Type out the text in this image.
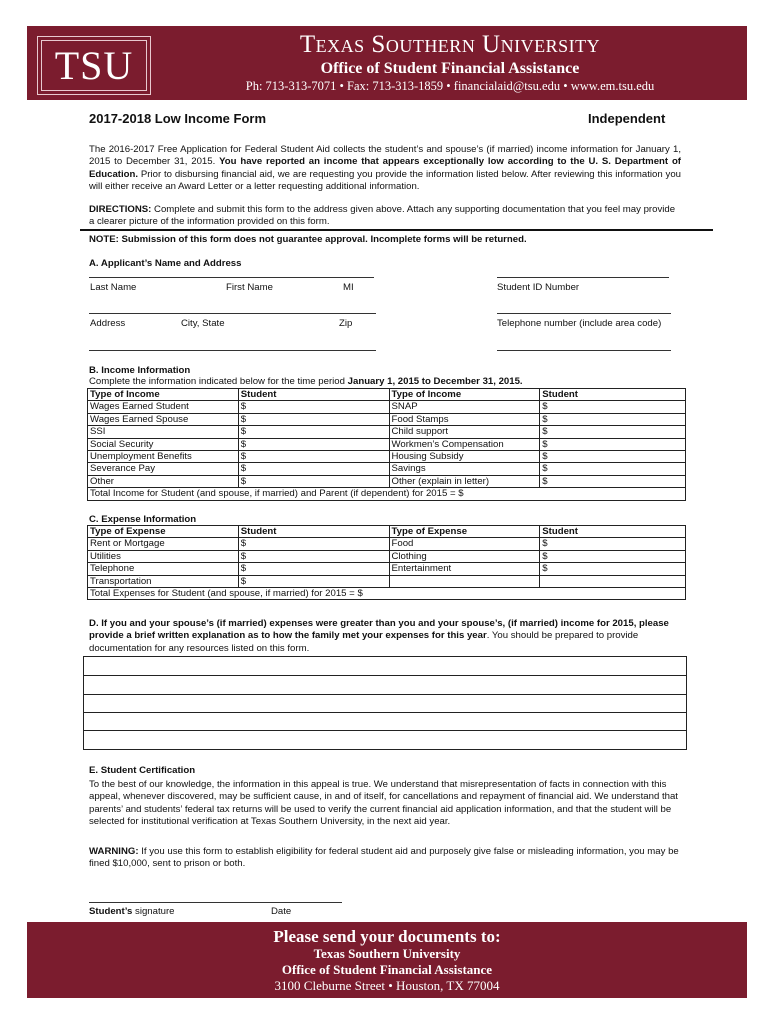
TSU	Texas Southern University
Office of Student Financial Assistance
Ph: 713-313-7071 • Fax: 713-313-1859 • financialaid@tsu.edu • www.em.tsu.edu
2017-2018 Low Income Form	Independent
The 2016-2017 Free Application for Federal Student Aid collects the student’s and spouse’s (if married) income information for January 1, 2015 to December 31, 2015. You have reported an income that appears exceptionally low according to the U. S. Department of Education. Prior to disbursing financial aid, we are requesting you provide the information listed below. After reviewing this information you will either receive an Award Letter or a letter requesting additional information.
DIRECTIONS: Complete and submit this form to the address given above. Attach any supporting documentation that you feel may provide a clearer picture of the information provided on this form.
NOTE: Submission of this form does not guarantee approval. Incomplete forms will be returned.
A. Applicant’s Name and Address
Last Name	First Name	MI	Student ID Number
Address	City, State	Zip	Telephone number (include area code)
B. Income Information
Complete the information indicated below for the time period January 1, 2015 to December 31, 2015.
Type of Income	Student	Type of Income	Student
Wages Earned Student	$	SNAP	$
Wages Earned Spouse	$	Food Stamps	$
SSI	$	Child support	$
Social Security	$	Workmen’s Compensation	$
Unemployment Benefits	$	Housing Subsidy	$
Severance Pay	$	Savings	$
Other	$	Other (explain in letter)	$
Total Income for Student (and spouse, if married) and Parent (if dependent) for 2015 = $			
C. Expense Information
Type of Expense	Student	Type of Expense	Student
Rent or Mortgage	$	Food	$
Utilities	$	Clothing	$
Telephone	$	Entertainment	$
Transportation	$		
Total Expenses for Student (and spouse, if married) for 2015 = $			
D. If you and your spouse’s (if married) expenses were greater than you and your spouse’s, (if married) income for 2015, please provide a brief written explanation as to how the family met your expenses for this year. You should be prepared to provide documentation for any resources listed on this form.
E. Student Certification
To the best of our knowledge, the information in this appeal is true. We understand that misrepresentation of facts in connection with this appeal, whenever discovered, may be sufficient cause, in and of itself, for cancellations and repayment of financial aid. We understand that parents’ and students’ federal tax returns will be used to verify the current financial aid application information, and that the student will be selected for institutional verification at Texas Southern University, in the next aid year.
WARNING: If you use this form to establish eligibility for federal student aid and purposely give false or misleading information, you may be fined $10,000, sent to prison or both.
Student’s signature	Date
Please send your documents to:
Texas Southern University
Office of Student Financial Assistance
3100 Cleburne Street • Houston, TX 77004
